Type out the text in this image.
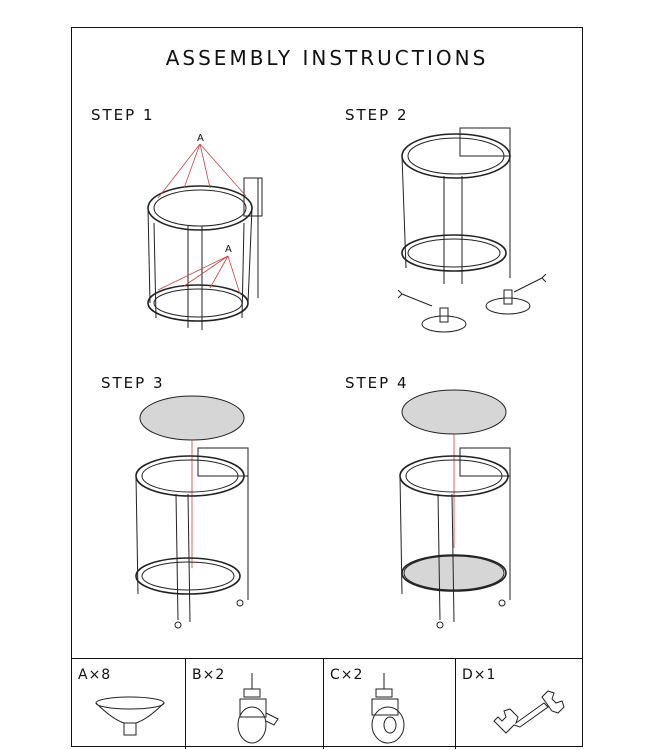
ASSEMBLY INSTRUCTIONS
STEP 1	STEP 2
STEP 3	STEP 4
A
A
A×8	B×2	C×2	D×1
